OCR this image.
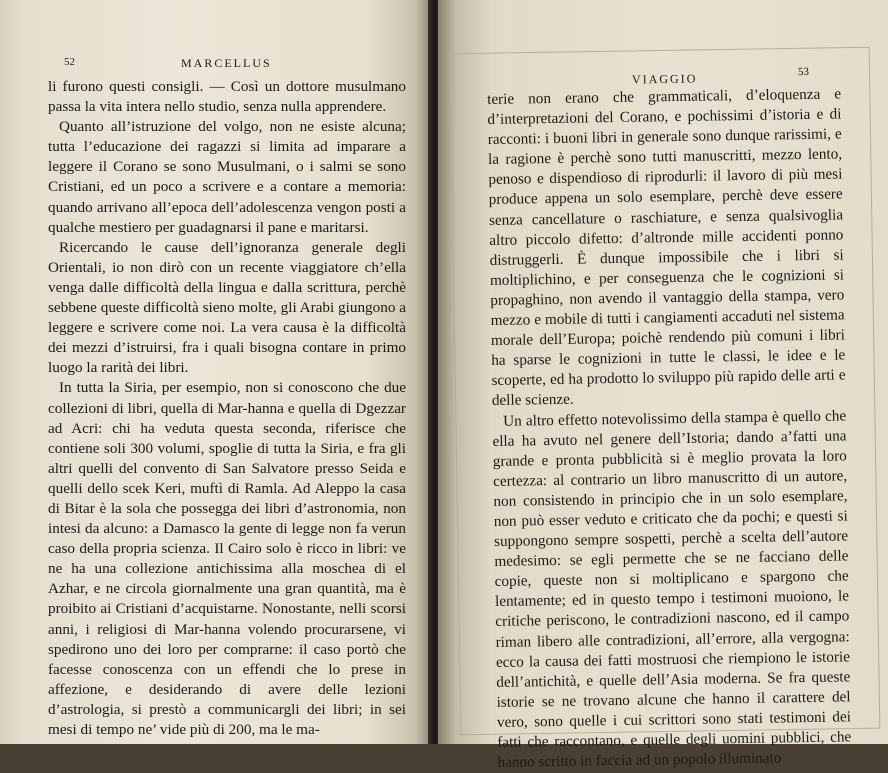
52	MARCELLUS

li furono questi consigli. — Così un dottore musulmano passa la vita intera nello studio, senza nulla apprendere.

Quanto all’istruzione del volgo, non ne esiste alcuna; tutta l’educazione dei ragazzi si limita ad imparare a leggere il Corano se sono Musulmani, o i salmi se sono Cristiani, ed un poco a scrivere e a contare a memoria: quando arrivano all’epoca dell’adolescenza vengon posti a qualche mestiero per guadagnarsi il pane e maritarsi.

Ricercando le cause dell’ignoranza generale degli Orientali, io non dirò con un recente viaggiatore ch’ella venga dalle difficoltà della lingua e dalla scrittura, perchè sebbene queste difficoltà sieno molte, gli Arabi giungono a leggere e scrivere come noi. La vera causa è la difficoltà dei mezzi d’istruirsi, fra i quali bisogna contare in primo luogo la rarità dei libri.

In tutta la Siria, per esempio, non si conoscono che due collezioni di libri, quella di Mar-hanna e quella di Dgezzar ad Acri: chi ha veduta questa seconda, riferisce che contiene soli 300 volumi, spoglie di tutta la Siria, e fra gli altri quelli del convento di San Salvatore presso Seida e quelli dello scek Keri, muftì di Ramla. Ad Aleppo la casa di Bitar è la sola che possegga dei libri d’astronomia, non intesi da alcuno: a Damasco la gente di legge non fa verun caso della propria scienza. Il Cairo solo è ricco in libri: ve ne ha una collezione antichissima alla moschea di el Azhar, e ne circola giornalmente una gran quantità, ma è proibito ai Cristiani d’acquistarne. Nonostante, nelli scorsi anni, i religiosi di Mar-hanna volendo procurarsene, vi spedirono uno dei loro per comprarne: il caso portò che facesse conoscenza con un effendi che lo prese in affezione, e desiderando di avere delle lezioni d’astrologia, si prestò a communicargli dei libri; in sei mesi di tempo ne’ vide più di 200, ma le ma-

VIAGGIO	53

terie non erano che grammaticali, d’eloquenza e d’interpretazioni del Corano, e pochissimi d’istoria e di racconti: i buoni libri in generale sono dunque rarissimi, e la ragione è perchè sono tutti manuscritti, mezzo lento, penoso e dispendioso di riprodurli: il lavoro di più mesi produce appena un solo esemplare, perchè deve essere senza cancellature o raschiature, e senza qualsivoglia altro piccolo difetto: d’altronde mille accidenti ponno distruggerli. È dunque impossibile che i libri si moltiplichino, e per conseguenza che le cognizioni si propaghino, non avendo il vantaggio della stampa, vero mezzo e mobile di tutti i cangiamenti accaduti nel sistema morale dell’Europa; poichè rendendo più comuni i libri ha sparse le cognizioni in tutte le classi, le idee e le scoperte, ed ha prodotto lo sviluppo più rapido delle arti e delle scienze.

Un altro effetto notevolissimo della stampa è quello che ella ha avuto nel genere dell’Istoria; dando a’fatti una grande e pronta pubblicità si è meglio provata la loro certezza: al contrario un libro manuscritto di un autore, non consistendo in principio che in un solo esemplare, non può esser veduto e criticato che da pochi; e questi si suppongono sempre sospetti, perchè a scelta dell’autore medesimo: se egli permette che se ne facciano delle copie, queste non si moltiplicano e spargono che lentamente; ed in questo tempo i testimoni muoiono, le critiche periscono, le contradizioni nascono, ed il campo riman libero alle contradizioni, all’errore, alla vergogna: ecco la causa dei fatti mostruosi che riempiono le istorie dell’antichità, e quelle dell’Asia moderna. Se fra queste istorie se ne trovano alcune che hanno il carattere del vero, sono quelle i cui scrittori sono stati testimoni dei fatti che raccontano, e quelle degli uomini pubblici, che hanno scritto in faccia ad un popolo illuminato
